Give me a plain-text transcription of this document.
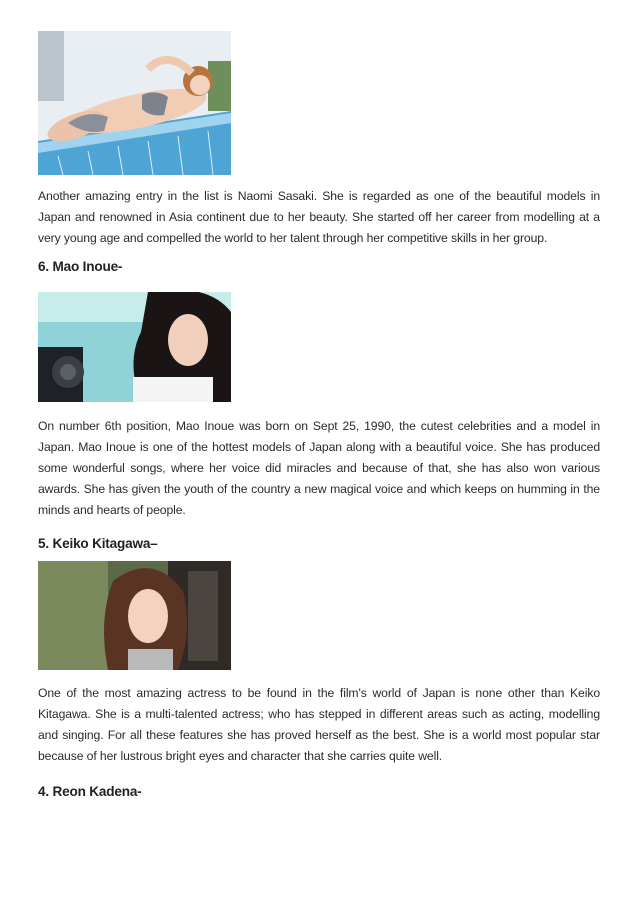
Another amazing entry in the list is Naomi Sasaki. She is regarded as one of the beautiful models in Japan and renowned in Asia continent due to her beauty. She started off her career from modelling at a very young age and compelled the world to her talent through her competitive skills in her group.

6. Mao Inoue-

On number 6th position, Mao Inoue was born on Sept 25, 1990, the cutest celebrities and a model in Japan. Mao Inoue is one of the hottest models of Japan along with a beautiful voice. She has produced some wonderful songs, where her voice did miracles and because of that, she has also won various awards. She has given the youth of the country a new magical voice and which keeps on humming in the minds and hearts of people.

5. Keiko Kitagawa–

One of the most amazing actress to be found in the film's world of Japan is none other than Keiko Kitagawa. She is a multi-talented actress; who has stepped in different areas such as acting, modelling and singing. For all these features she has proved herself as the best. She is a world most popular star because of her lustrous bright eyes and character that she carries quite well.

4. Reon Kadena-
